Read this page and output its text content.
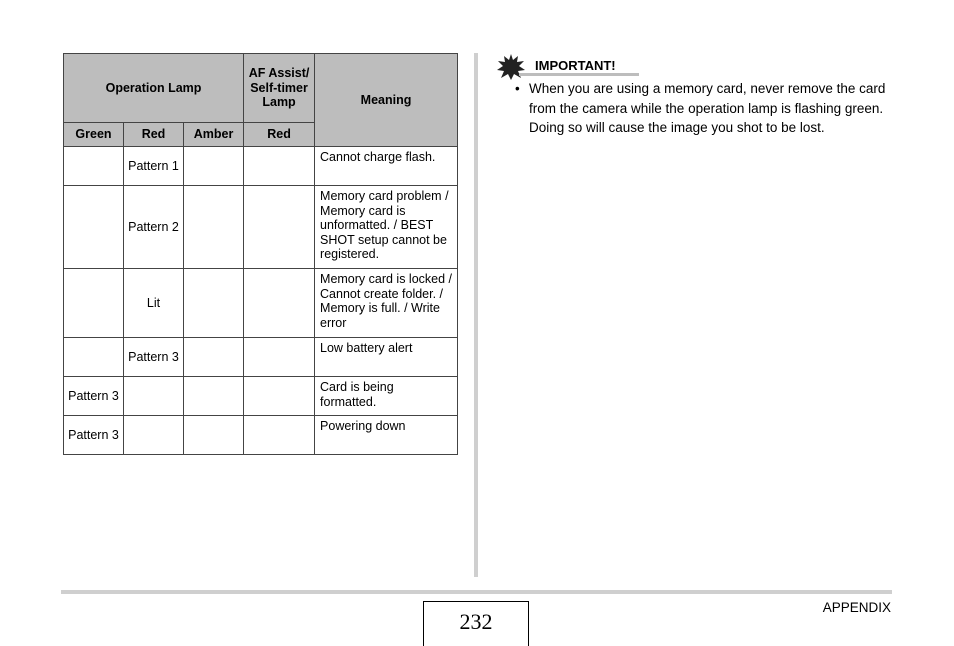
Operation Lamp			AF Assist/ Self-timer Lamp	Meaning
Green	Red	Amber	Red	
	Pattern 1			Cannot charge flash.
	Pattern 2			Memory card problem / Memory card is unformatted. / BEST SHOT setup cannot be registered.
	Lit			Memory card is locked / Cannot create folder. / Memory is full. / Write error
	Pattern 3			Low battery alert
Pattern 3				Card is being formatted.
Pattern 3				Powering down
IMPORTANT!
• When you are using a memory card, never remove the card from the camera while the operation lamp is flashing green. Doing so will cause the image you shot to be lost.
232
APPENDIX
